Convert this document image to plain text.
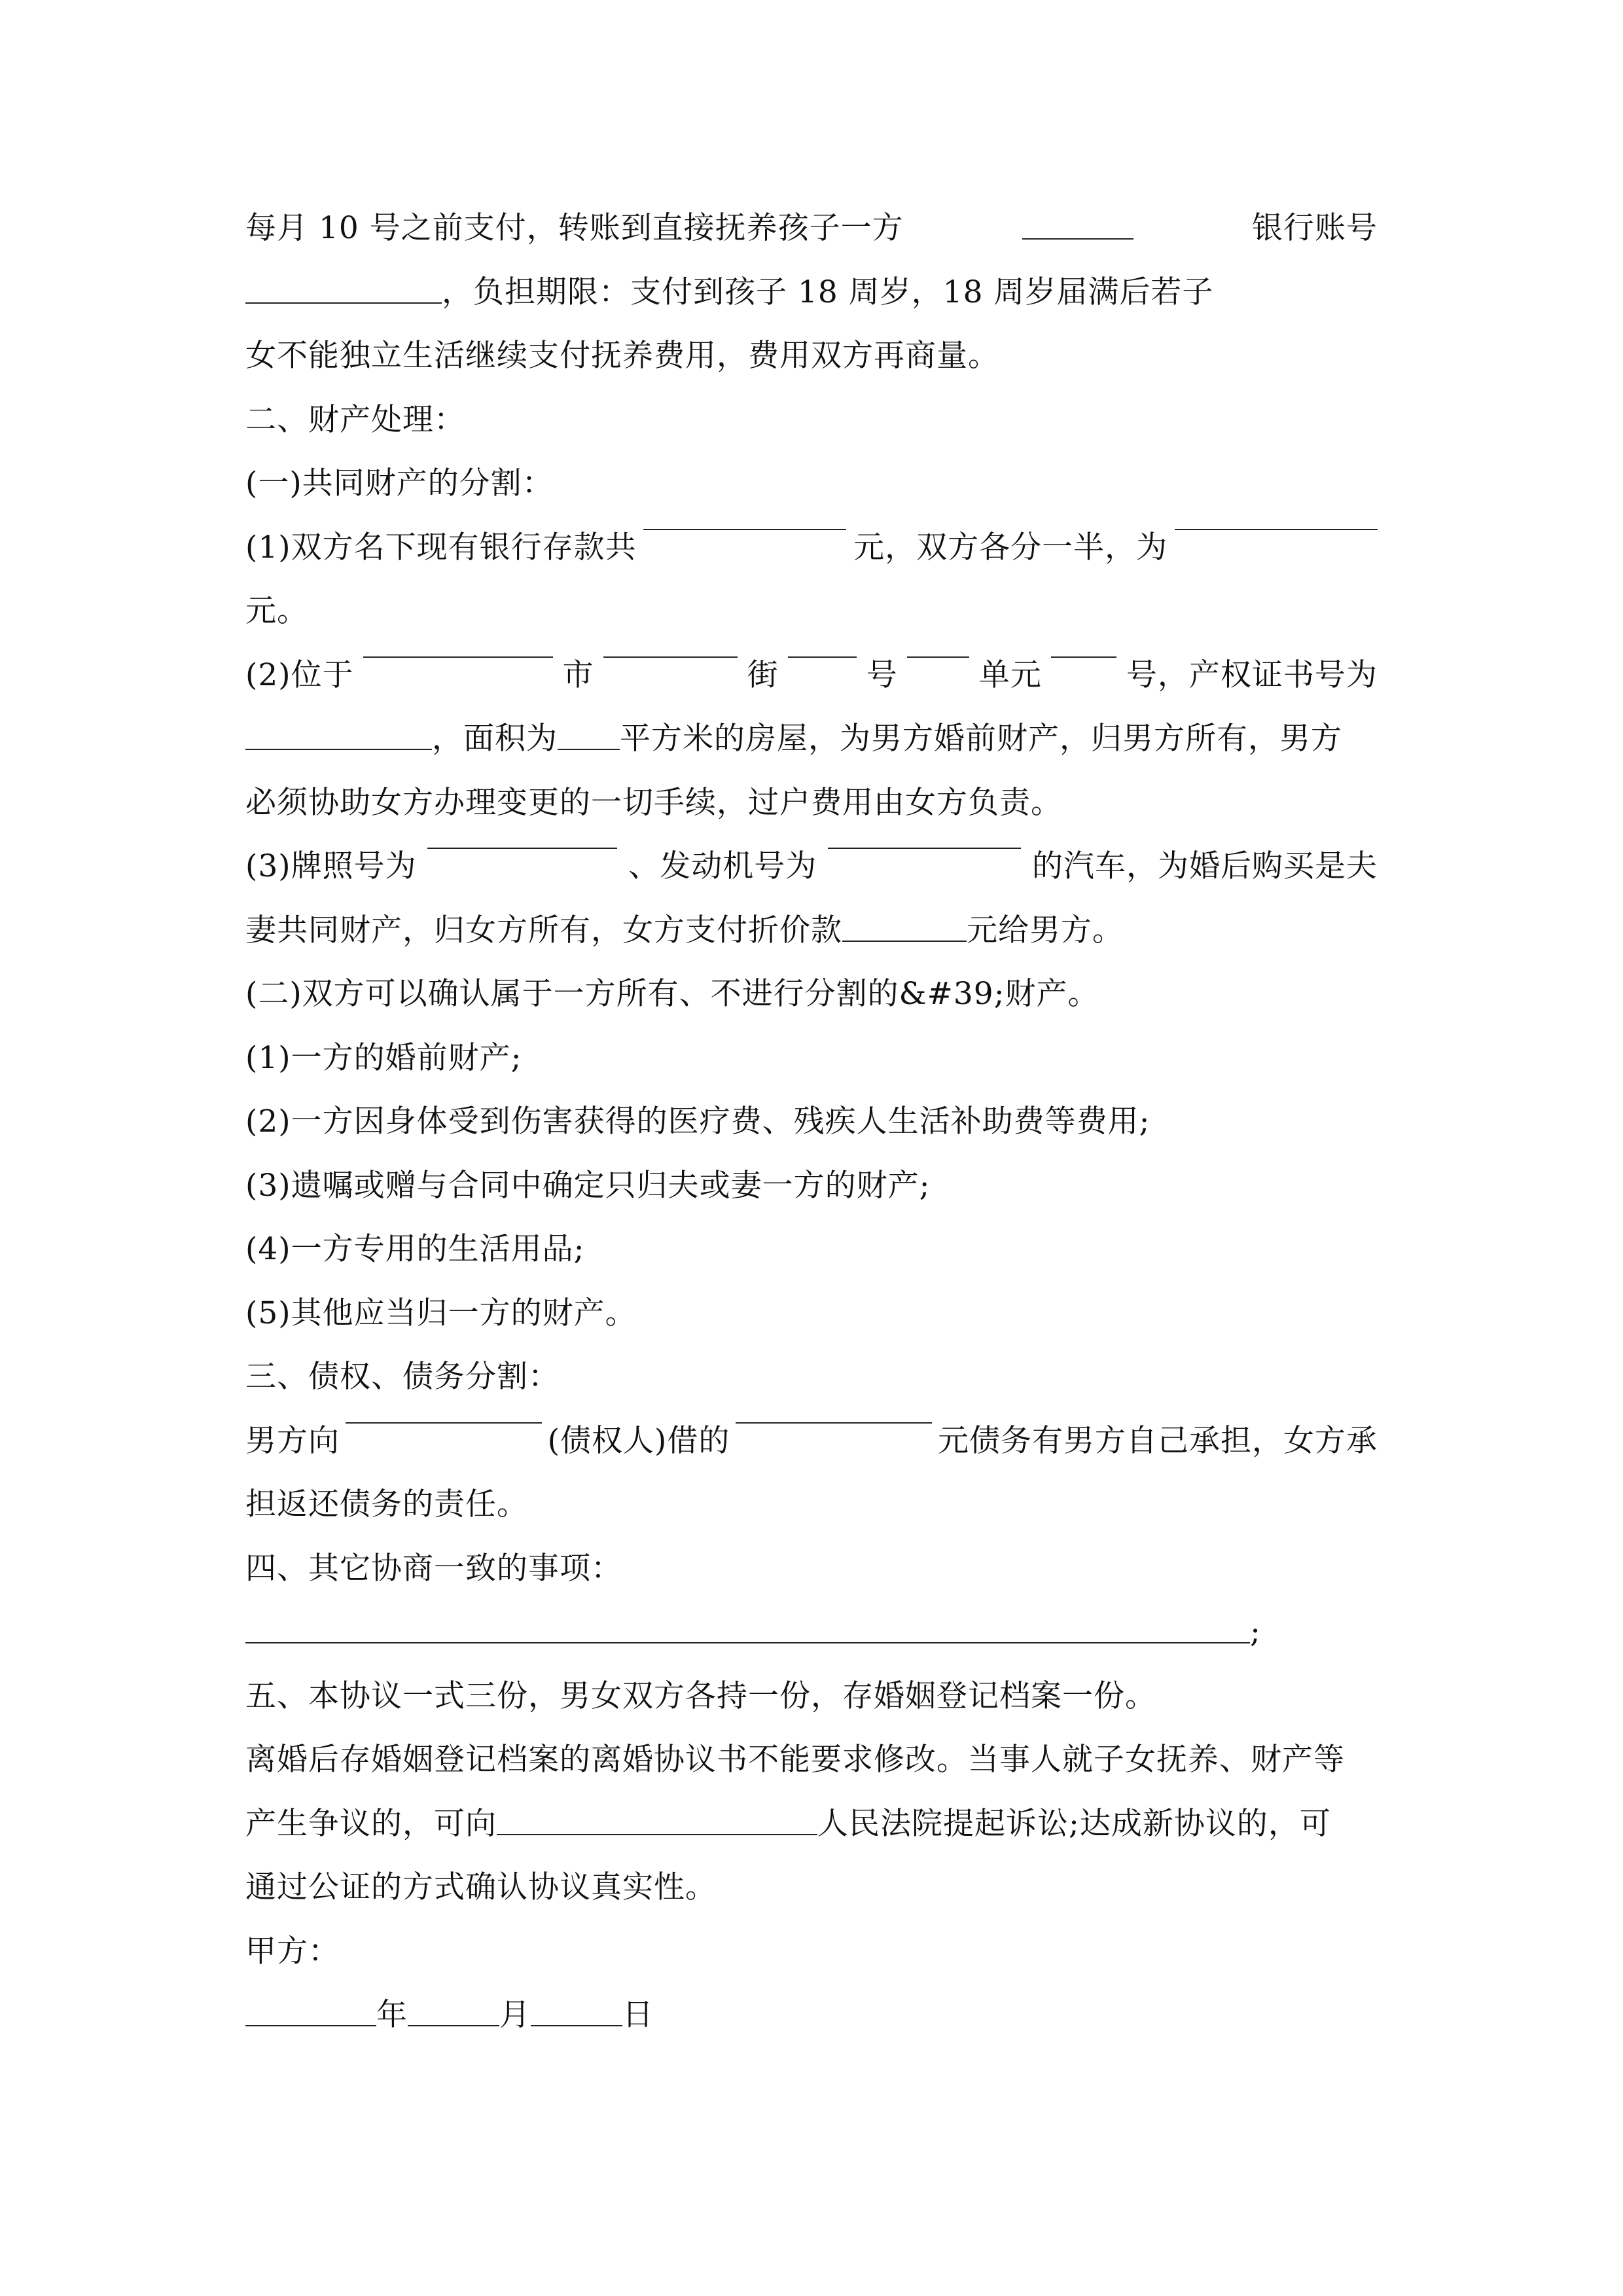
每月 10 号之前支付，转账到直接抚养孩子一方	银行账号
，负担期限：支付到孩子 18 周岁，18 周岁届满后若子
女不能独立生活继续支付抚养费用，费用双方再商量。
二、财产处理：
(一)共同财产的分割：
(1)双方名下现有银行存款共	元，双方各分一半，为
元。
(2)位于	市	街	号	单元	号，产权证书号为
，面积为 平方米的房屋，为男方婚前财产，归男方所有，男方
必须协助女方办理变更的一切手续，过户费用由女方负责。
(3)牌照号为	、发动机号为	的汽车，为婚后购买是夫
妻共同财产，归女方所有，女方支付折价款	元给男方。
(二)双方可以确认属于一方所有、不进行分割的&#39;财产。
(1)一方的婚前财产;
(2)一方因身体受到伤害获得的医疗费、残疾人生活补助费等费用;
(3)遗嘱或赠与合同中确定只归夫或妻一方的财产;
(4)一方专用的生活用品;
(5)其他应当归一方的财产。
三、债权、债务分割：
男方向	(债权人)借的	元债务有男方自己承担，女方承
担返还债务的责任。
四、其它协商一致的事项：
;
五、本协议一式三份，男女双方各持一份，存婚姻登记档案一份。
离婚后存婚姻登记档案的离婚协议书不能要求修改。当事人就子女抚养、财产等
产生争议的，可向	人民法院提起诉讼;达成新协议的，可
通过公证的方式确认协议真实性。
甲方：
年	月	日
